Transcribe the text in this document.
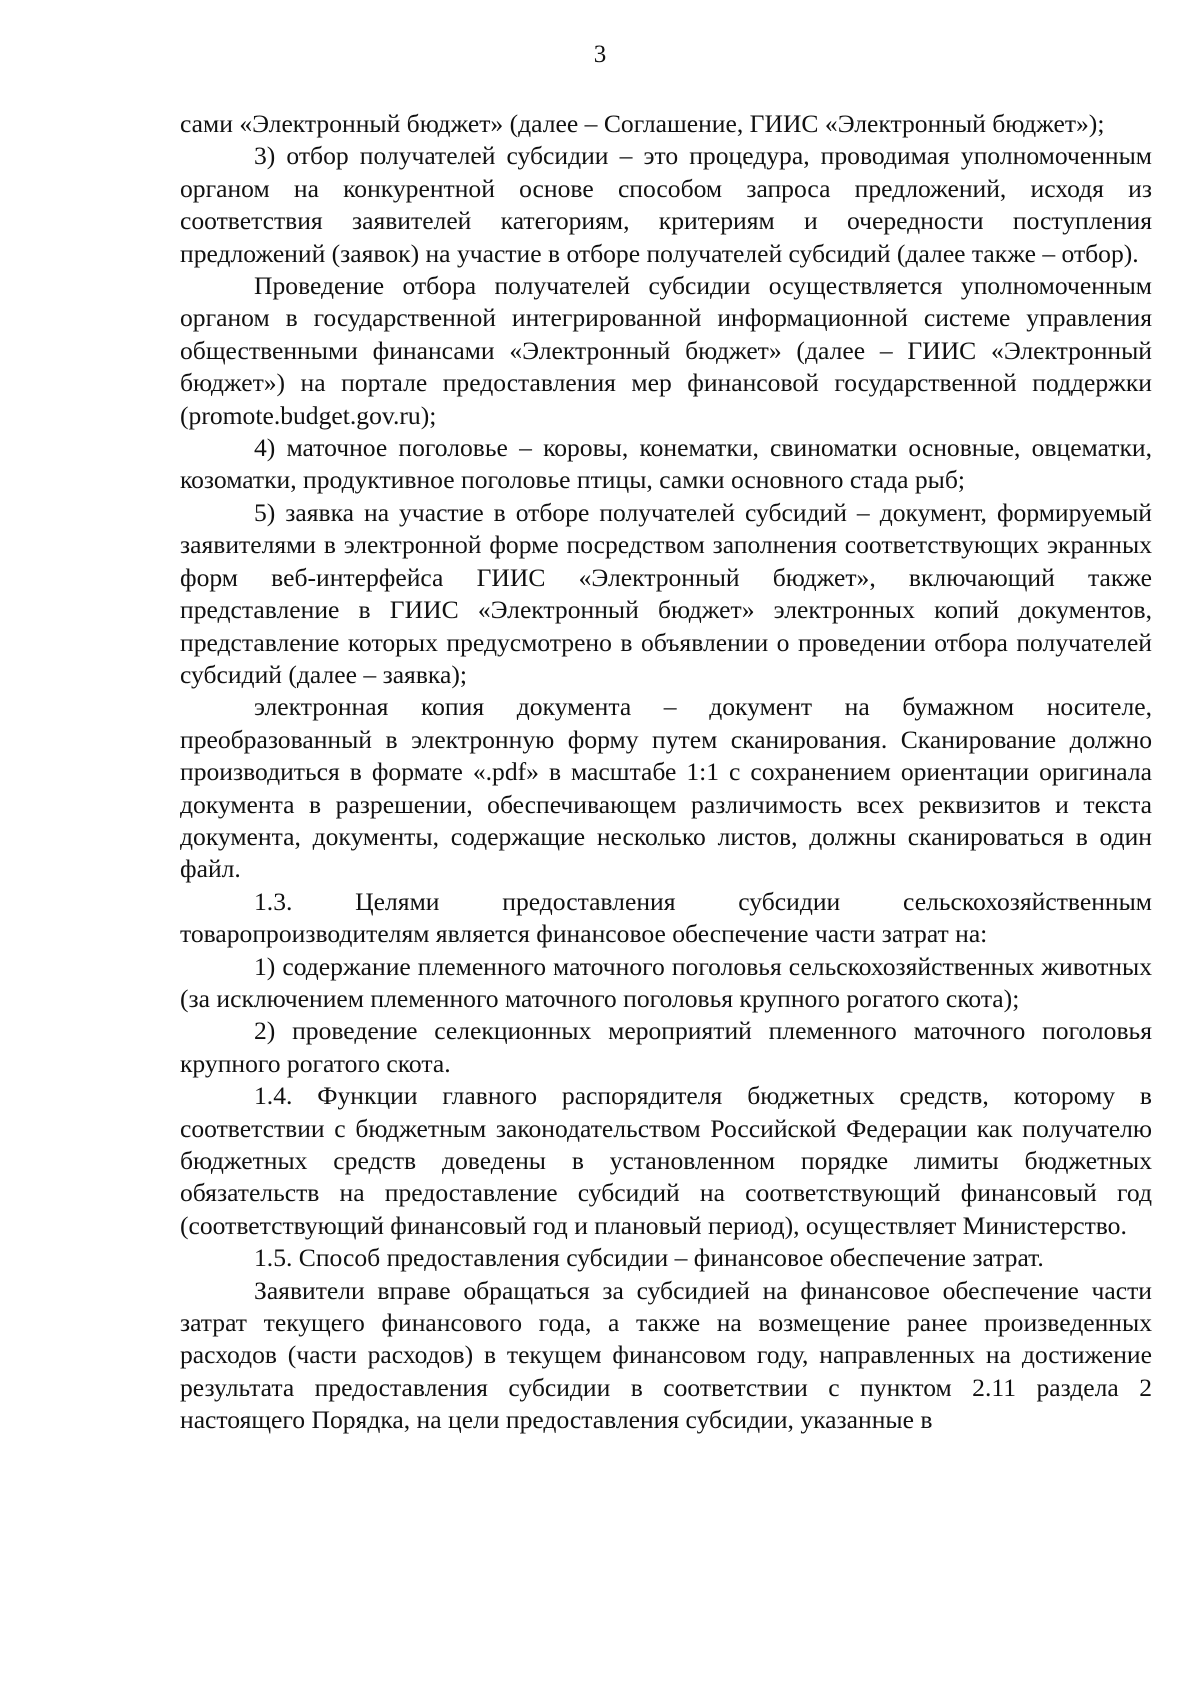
3

сами «Электронный бюджет» (далее – Соглашение, ГИИС «Электронный бюджет»);

3) отбор получателей субсидии – это процедура, проводимая уполномоченным органом на конкурентной основе способом запроса предложений, исходя из соответствия заявителей категориям, критериям и очередности поступления предложений (заявок) на участие в отборе получателей субсидий (далее также – отбор).

Проведение отбора получателей субсидии осуществляется уполномоченным органом в государственной интегрированной информационной системе управления общественными финансами «Электронный бюджет» (далее – ГИИС «Электронный бюджет») на портале предоставления мер финансовой государственной поддержки (promote.budget.gov.ru);

4) маточное поголовье – коровы, конематки, свиноматки основные, овцематки, козоматки, продуктивное поголовье птицы, самки основного стада рыб;

5) заявка на участие в отборе получателей субсидий – документ, формируемый заявителями в электронной форме посредством заполнения соответствующих экранных форм веб-интерфейса ГИИС «Электронный бюджет», включающий также представление в ГИИС «Электронный бюджет» электронных копий документов, представление которых предусмотрено в объявлении о проведении отбора получателей субсидий (далее – заявка);

электронная копия документа – документ на бумажном носителе, преобразованный в электронную форму путем сканирования. Сканирование должно производиться в формате «.pdf» в масштабе 1:1 с сохранением ориентации оригинала документа в разрешении, обеспечивающем различимость всех реквизитов и текста документа, документы, содержащие несколько листов, должны сканироваться в один файл.

1.3. Целями предоставления субсидии сельскохозяйственным товаропроизводителям является финансовое обеспечение части затрат на:

1) содержание племенного маточного поголовья сельскохозяйственных животных (за исключением племенного маточного поголовья крупного рогатого скота);

2) проведение селекционных мероприятий племенного маточного поголовья крупного рогатого скота.

1.4. Функции главного распорядителя бюджетных средств, которому в соответствии с бюджетным законодательством Российской Федерации как получателю бюджетных средств доведены в установленном порядке лимиты бюджетных обязательств на предоставление субсидий на соответствующий финансовый год (соответствующий финансовый год и плановый период), осуществляет Министерство.

1.5. Способ предоставления субсидии – финансовое обеспечение затрат.

Заявители вправе обращаться за субсидией на финансовое обеспечение части затрат текущего финансового года, а также на возмещение ранее произведенных расходов (части расходов) в текущем финансовом году, направленных на достижение результата предоставления субсидии в соответствии с пунктом 2.11 раздела 2 настоящего Порядка, на цели предоставления субсидии, указанные в
